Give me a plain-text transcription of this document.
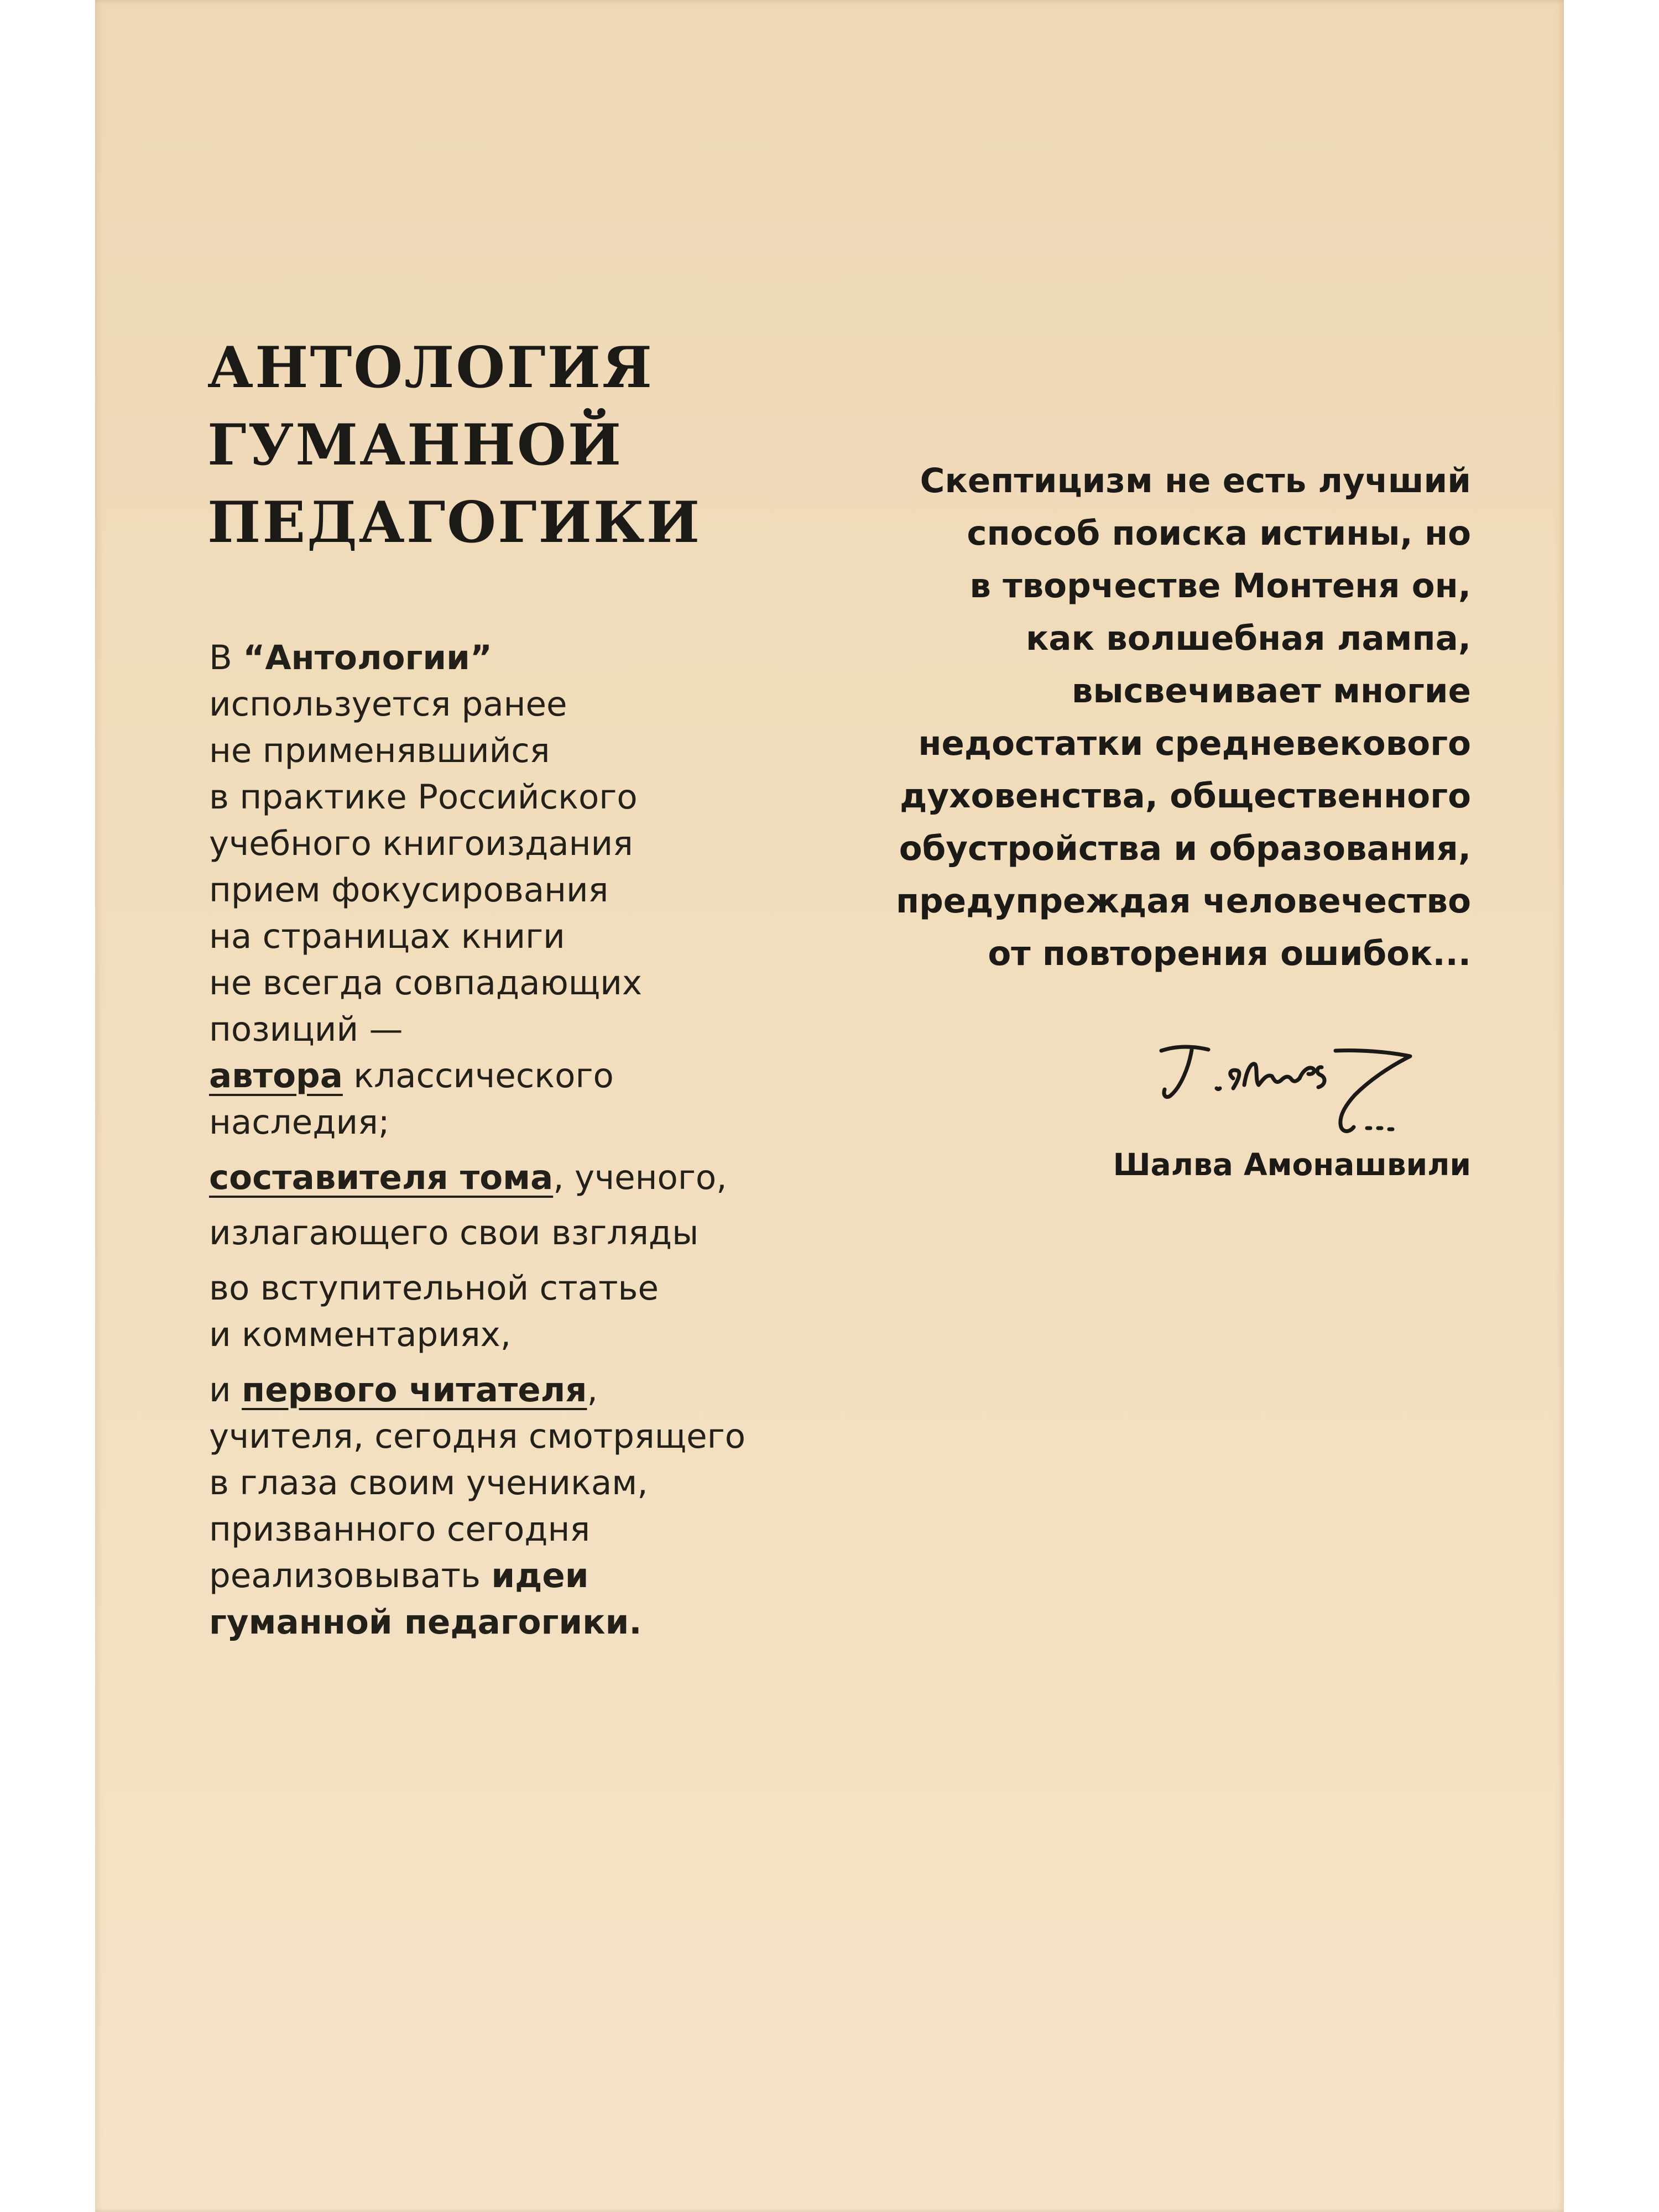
АНТОЛОГИЯ
ГУМАННОЙ
ПЕДАГОГИКИ
В “Антологии”
используется ранее
не применявшийся
в практике Российского
учебного книгоиздания
прием фокусирования
на страницах книги
не всегда совпадающих
позиций —
автора классического
наследия;
составителя тома, ученого,
излагающего свои взгляды
во вступительной статье
и комментариях,
и первого читателя,
учителя, сегодня смотрящего
в глаза своим ученикам,
призванного сегодня
реализовывать идеи
гуманной педагогики.
Скептицизм не есть лучший
способ поиска истины, но
в творчестве Монтеня он,
как волшебная лампа,
высвечивает многие
недостатки средневекового
духовенства, общественного
обустройства и образования,
предупреждая человечество
от повторения ошибок...
Шалва Амонашвили
